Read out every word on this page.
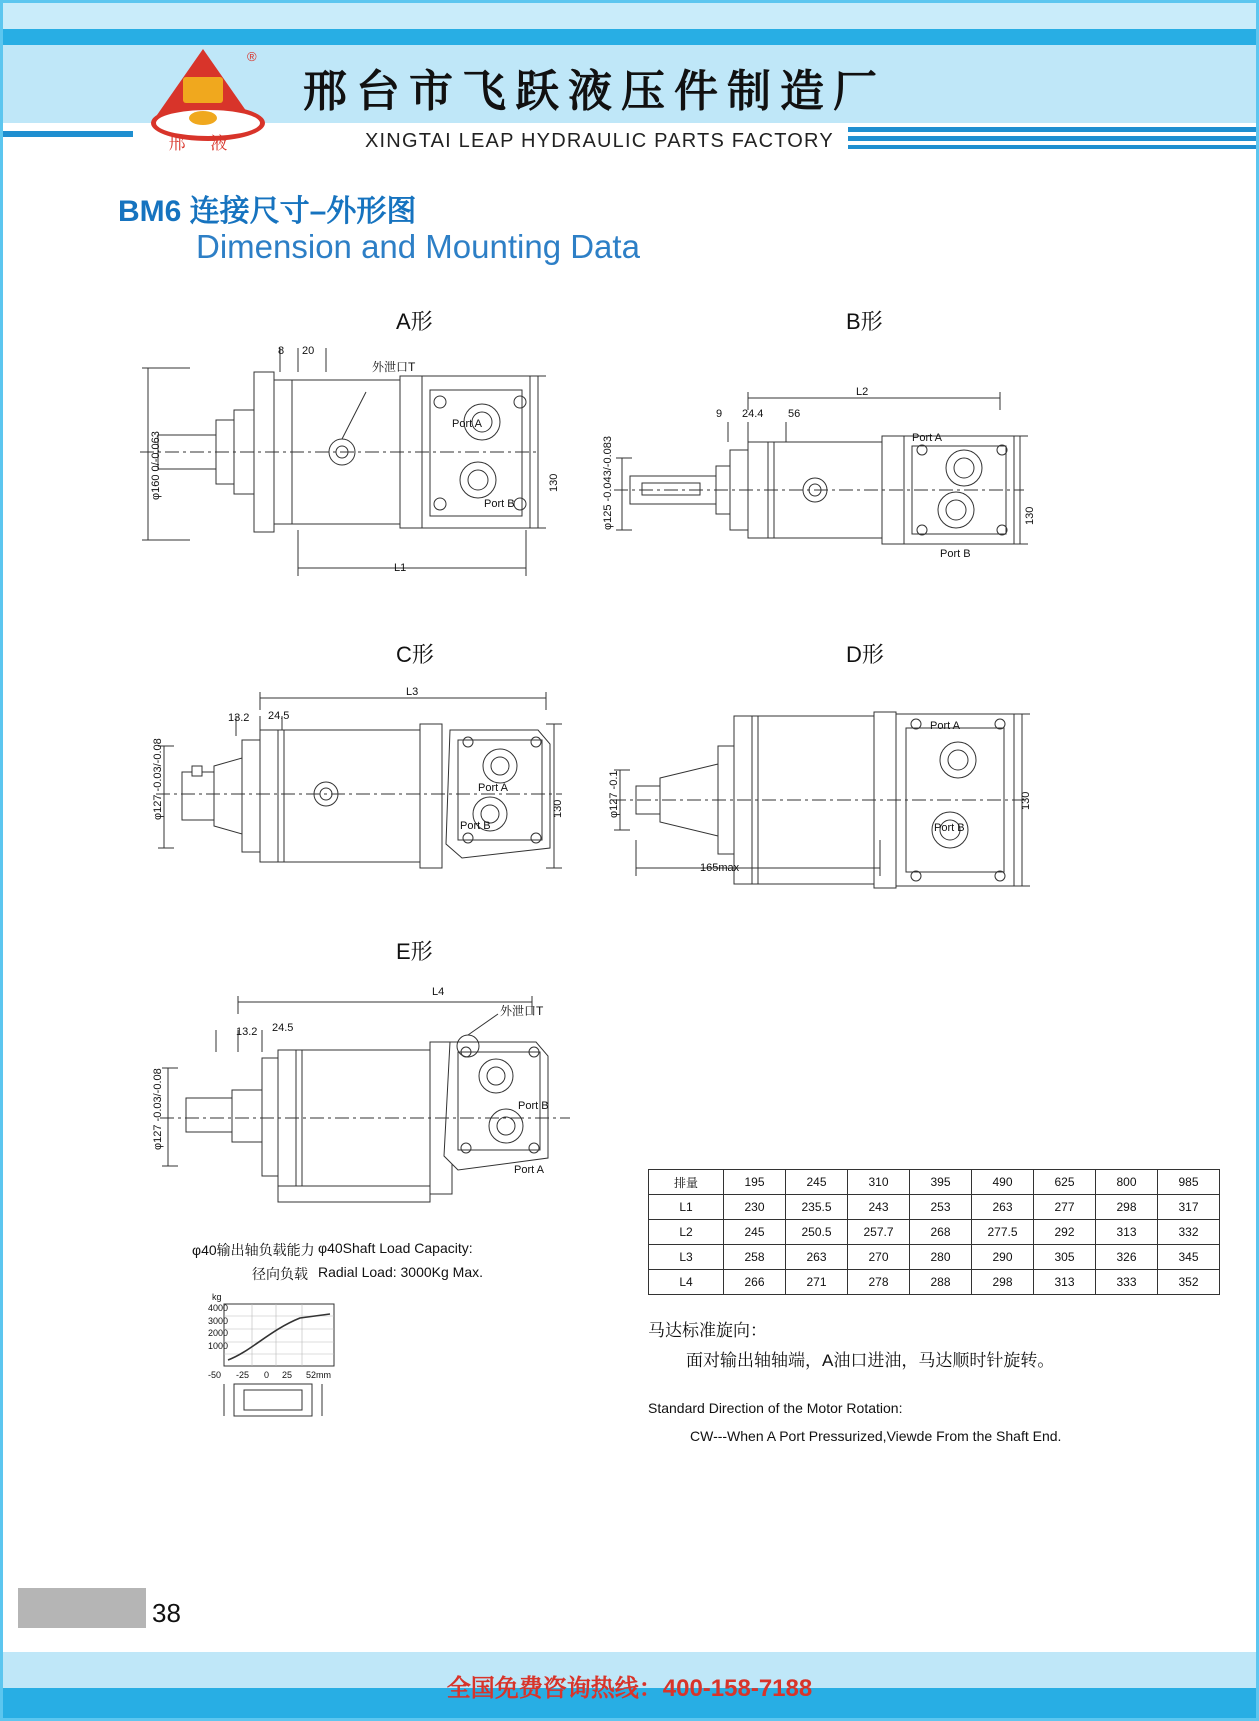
®
邢 液
邢台市飞跃液压件制造厂
XINGTAI LEAP HYDRAULIC PARTS FACTORY
BM6 连接尺寸–外形图
Dimension and Mounting Data
A形
8 20
φ160 0/-0.063	130
L1
外泄口T
Port A
Port B
B形
9 24.4 56
L2
φ125 -0.043/-0.083	130
Port A
Port B
C形
13.2 24.5
L3
φ127 -0.03/-0.08	130
Port A
Port B
D形
φ127 -0.1	130
165max
Port A
Port B
E形
13.2 24.5
L4
φ127 -0.03/-0.08
外泄口T
Port B
Port A
排量	195	245	310	395	490	625	800	985
L1	230	235.5	243	253	263	277	298	317
L2	245	250.5	257.7	268	277.5	292	313	332
L3	258	263	270	280	290	305	326	345
L4	266	271	278	288	298	313	333	352
φ40输出轴负载能力
径向负载
φ40Shaft Load Capacity:
Radial Load: 3000Kg Max.
kg
4000
3000
2000
1000
-50 -25 0 25 52mm
马达标准旋向：
面对输出轴轴端，A油口进油，马达顺时针旋转。
Standard Direction of the Motor Rotation:
CW---When A Port Pressurized,Viewde From the Shaft End.
38
全国免费咨询热线：400-158-7188
